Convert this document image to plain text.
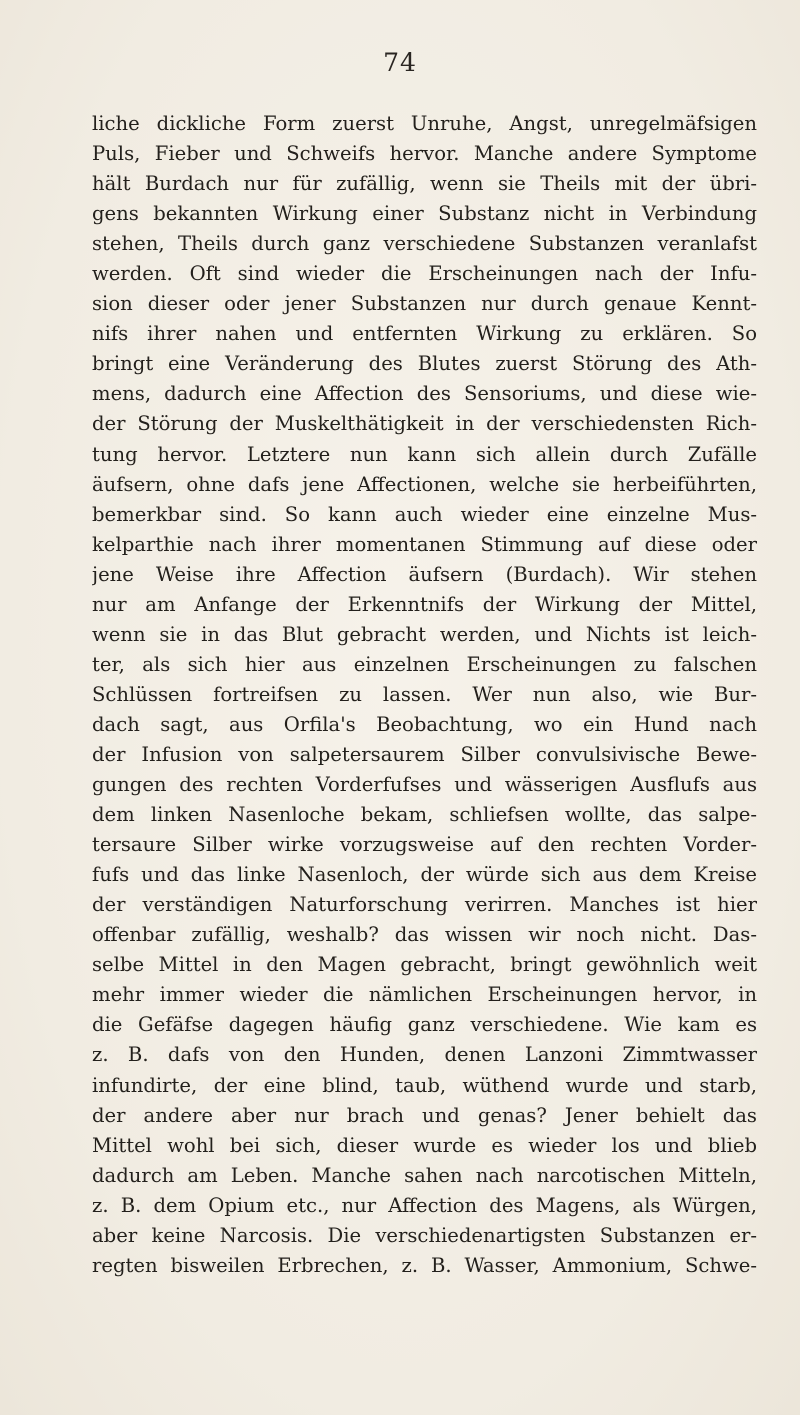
74
liche dickliche Form zuerst Unruhe, Angst, unregelmäfsigen
Puls, Fieber und Schweifs hervor. Manche andere Symptome
hält Burdach nur für zufällig, wenn sie Theils mit der übri-
gens bekannten Wirkung einer Substanz nicht in Verbindung
stehen, Theils durch ganz verschiedene Substanzen veranlafst
werden. Oft sind wieder die Erscheinungen nach der Infu-
sion dieser oder jener Substanzen nur durch genaue Kennt-
nifs ihrer nahen und entfernten Wirkung zu erklären. So
bringt eine Veränderung des Blutes zuerst Störung des Ath-
mens, dadurch eine Affection des Sensoriums, und diese wie-
der Störung der Muskelthätigkeit in der verschiedensten Rich-
tung hervor. Letztere nun kann sich allein durch Zufälle
äufsern, ohne dafs jene Affectionen, welche sie herbeiführten,
bemerkbar sind. So kann auch wieder eine einzelne Mus-
kelparthie nach ihrer momentanen Stimmung auf diese oder
jene Weise ihre Affection äufsern (Burdach). Wir stehen
nur am Anfange der Erkenntnifs der Wirkung der Mittel,
wenn sie in das Blut gebracht werden, und Nichts ist leich-
ter, als sich hier aus einzelnen Erscheinungen zu falschen
Schlüssen fortreifsen zu lassen. Wer nun also, wie Bur-
dach sagt, aus Orfila's Beobachtung, wo ein Hund nach
der Infusion von salpetersaurem Silber convulsivische Bewe-
gungen des rechten Vorderfufses und wässerigen Ausflufs aus
dem linken Nasenloche bekam, schliefsen wollte, das salpe-
tersaure Silber wirke vorzugsweise auf den rechten Vorder-
fufs und das linke Nasenloch, der würde sich aus dem Kreise
der verständigen Naturforschung verirren. Manches ist hier
offenbar zufällig, weshalb? das wissen wir noch nicht. Das-
selbe Mittel in den Magen gebracht, bringt gewöhnlich weit
mehr immer wieder die nämlichen Erscheinungen hervor, in
die Gefäfse dagegen häufig ganz verschiedene. Wie kam es
z. B. dafs von den Hunden, denen Lanzoni Zimmtwasser
infundirte, der eine blind, taub, wüthend wurde und starb,
der andere aber nur brach und genas? Jener behielt das
Mittel wohl bei sich, dieser wurde es wieder los und blieb
dadurch am Leben. Manche sahen nach narcotischen Mitteln,
z. B. dem Opium etc., nur Affection des Magens, als Würgen,
aber keine Narcosis. Die verschiedenartigsten Substanzen er-
regten bisweilen Erbrechen, z. B. Wasser, Ammonium, Schwe-
